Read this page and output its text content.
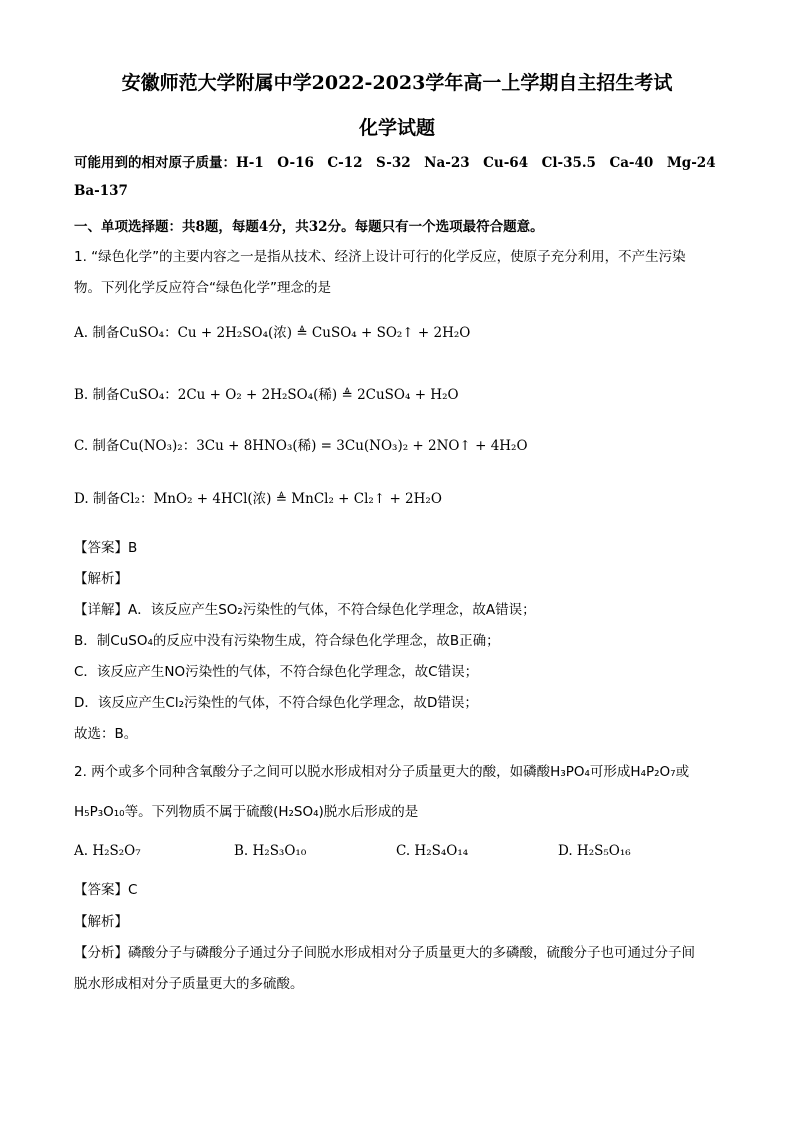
安徽师范大学附属中学2022-2023学年高一上学期自主招生考试
化学试题
可能用到的相对原子质量：H-1　O-16　C-12　S-32　Na-23　Cu-64　Cl-35.5　Ca-40　Mg-24
Ba-137
一、单项选择题：共8题，每题4分，共32分。每题只有一个选项最符合题意。
1. “绿色化学”的主要内容之一是指从技术、经济上设计可行的化学反应，使原子充分利用，不产生污染
物。下列化学反应符合“绿色化学”理念的是
A. 制备CuSO₄：Cu + 2H₂SO₄(浓) ≜ CuSO₄ + SO₂↑ + 2H₂O
B. 制备CuSO₄：2Cu + O₂ + 2H₂SO₄(稀) ≜ 2CuSO₄ + H₂O
C. 制备Cu(NO₃)₂：3Cu + 8HNO₃(稀) = 3Cu(NO₃)₂ + 2NO↑ + 4H₂O
D. 制备Cl₂：MnO₂ + 4HCl(浓) ≜ MnCl₂ + Cl₂↑ + 2H₂O
【答案】B
【解析】
【详解】A．该反应产生SO₂污染性的气体，不符合绿色化学理念，故A错误；
B．制CuSO₄的反应中没有污染物生成，符合绿色化学理念，故B正确；
C．该反应产生NO污染性的气体，不符合绿色化学理念，故C错误；
D．该反应产生Cl₂污染性的气体，不符合绿色化学理念，故D错误；
故选：B。
2. 两个或多个同种含氧酸分子之间可以脱水形成相对分子质量更大的酸，如磷酸H₃PO₄可形成H₄P₂O₇或
H₅P₃O₁₀等。下列物质不属于硫酸(H₂SO₄)脱水后形成的是
A. H₂S₂O₇	B. H₂S₃O₁₀	C. H₂S₄O₁₄	D. H₂S₅O₁₆
【答案】C
【解析】
【分析】磷酸分子与磷酸分子通过分子间脱水形成相对分子质量更大的多磷酸，硫酸分子也可通过分子间
脱水形成相对分子质量更大的多硫酸。
